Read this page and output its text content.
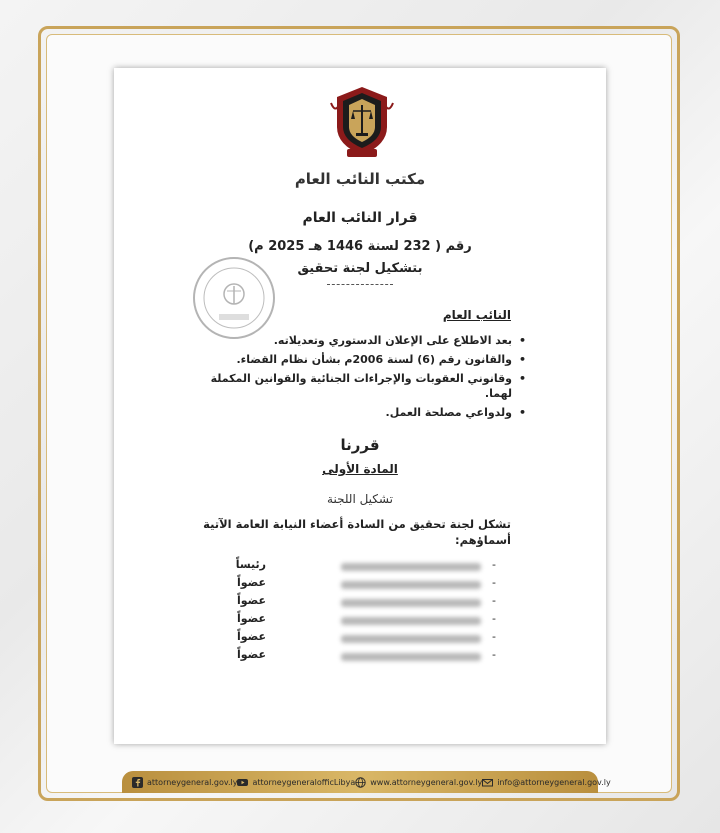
مكتب النائب العام
قرار النائب العام
رقم ( 232 لسنة 1446 هـ 2025 م)
بتشكيل لجنة تحقيق
النائب العام
• بعد الاطلاع على الإعلان الدستوري وتعديلاته.
• والقانون رقم (6) لسنة 2006م بشأن نظام القضاء.
• وقانوني العقوبات والإجراءات الجنائية والقوانين المكملة لهما.
• ولدواعي مصلحة العمل.
قررنا
المادة الأولى
تشكيل اللجنة
تشكل لجنة تحقيق من السادة أعضاء النيابة العامة الآتية أسماؤهم:
-
رئيساً
-
عضواً
-
عضواً
-
عضواً
-
عضواً
-
عضواً
attorneygeneral.gov.ly attorneygeneralofficLibya www.attorneygeneral.gov.ly info@attorneygeneral.gov.ly
